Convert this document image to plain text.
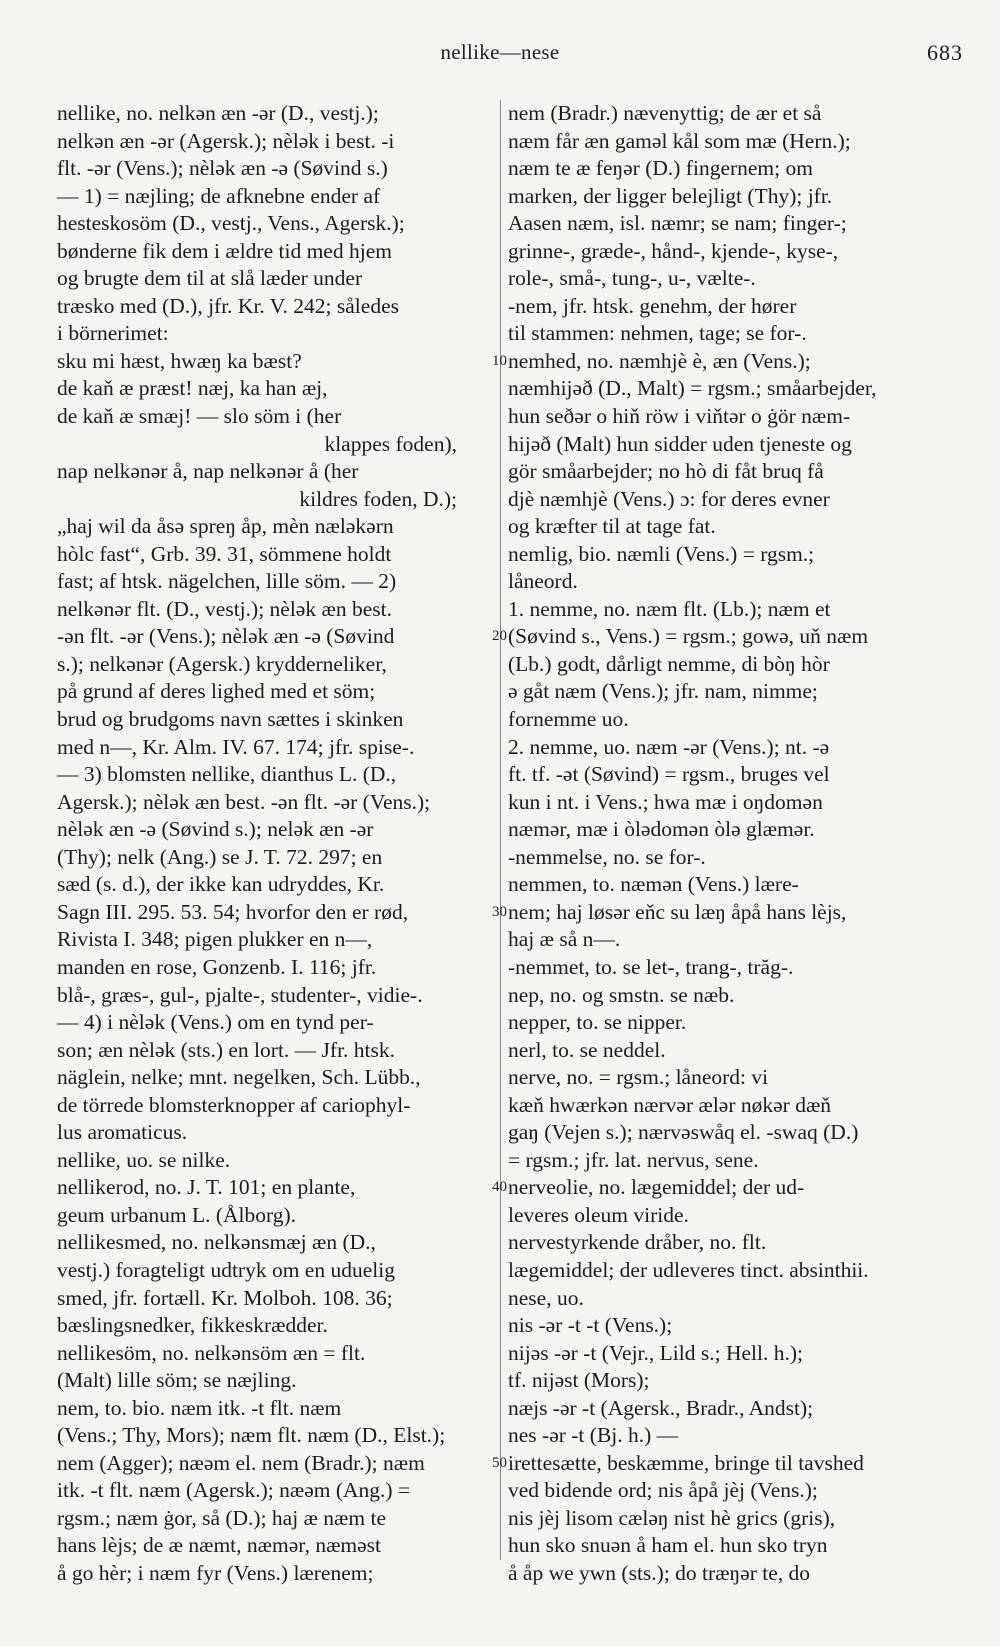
nellike—nese	683
nellike, no. nelkən æn -ər (D., vestj.);
nelkən æn -ər (Agersk.); nèlək i best. -i
flt. -ər (Vens.); nèlək æn -ə (Søvind s.)
— 1) = næjling; de afknebne ender af
hesteskosöm (D., vestj., Vens., Agersk.);
bønderne fik dem i ældre tid med hjem
og brugte dem til at slå læder under
træsko med (D.), jfr. Kr. V. 242; således
i börnerimet:
sku mi hæst, hwæŋ ka bæst?
de kaň æ præst! næj, ka han æj,
de kaň æ smæj! — slo söm i (her
klappes foden),
nap nelkənər å, nap nelkənər å (her
kildres foden, D.);
„haj wil da åsə spreŋ åp, mèn næləkərn
hòlc fast“, Grb. 39. 31, sömmene holdt
fast; af htsk. nägelchen, lille söm. — 2)
nelkənər flt. (D., vestj.); nèlək æn best.
-ən flt. -ər (Vens.); nèlək æn -ə (Søvind
s.); nelkənər (Agersk.) krydderneliker,
på grund af deres lighed med et söm;
brud og brudgoms navn sættes i skinken
med n—, Kr. Alm. IV. 67. 174; jfr. spise-.
— 3) blomsten nellike, dianthus L. (D.,
Agersk.); nèlək æn best. -ən flt. -ər (Vens.);
nèlək æn -ə (Søvind s.); nelək æn -ər
(Thy); nelk (Ang.) se J. T. 72. 297; en
sæd (s. d.), der ikke kan udryddes, Kr.
Sagn III. 295. 53. 54; hvorfor den er rød,
Rivista I. 348; pigen plukker en n—,
manden en rose, Gonzenb. I. 116; jfr.
blå-, græs-, gul-, pjalte-, studenter-, vidie-.
— 4) i nèlək (Vens.) om en tynd per-
son; æn nèlək (sts.) en lort. — Jfr. htsk.
näglein, nelke; mnt. negelken, Sch. Lübb.,
de törrede blomsterknopper af cariophyl-
lus aromaticus.
nellike, uo. se nilke.
nellikerod, no. J. T. 101; en plante,
geum urbanum L. (Ålborg).
nellikesmed, no. nelkənsmæj æn (D.,
vestj.) foragteligt udtryk om en uduelig
smed, jfr. fortæll. Kr. Molboh. 108. 36;
bæslingsnedker, fikkeskrædder.
nellikesöm, no. nelkənsöm æn = flt.
(Malt) lille söm; se næjling.
nem, to. bio. næm itk. -t flt. næm
(Vens.; Thy, Mors); næm flt. næm (D., Elst.);
nem (Agger); næəm el. nem (Bradr.); næm
itk. -t flt. næm (Agersk.); næəm (Ang.) =
rgsm.; næm ġor, så (D.); haj æ næm te
hans lèjs; de æ næmt, næmər, næməst
å go hèr; i næm fyr (Vens.) lærenem;
10
20
30
40
50
nem (Bradr.) nævenyttig; de ær et så
næm får æn gaməl kål som mæ (Hern.);
næm te æ feŋər (D.) fingernem; om
marken, der ligger belejligt (Thy); jfr.
Aasen næm, isl. næmr; se nam; finger-;
grinne-, græde-, hånd-, kjende-, kyse-,
role-, små-, tung-, u-, vælte-.
-nem, jfr. htsk. genehm, der hører
til stammen: nehmen, tage; se for-.
nemhed, no. næmhjè è, æn (Vens.);
næmhijəð (D., Malt) = rgsm.; småarbejder,
hun seðər o hiň röw i viňtər o ġör næm-
hijəð (Malt) hun sidder uden tjeneste og
gör småarbejder; no hò di fåt bruq få
djè næmhjè (Vens.) ɔ: for deres evner
og kræfter til at tage fat.
nemlig, bio. næmli (Vens.) = rgsm.;
låneord.
1. nemme, no. næm flt. (Lb.); næm et
(Søvind s., Vens.) = rgsm.; gowə, uň næm
(Lb.) godt, dårligt nemme, di bòŋ hòr
ə gåt næm (Vens.); jfr. nam, nimme;
fornemme uo.
2. nemme, uo. næm -ər (Vens.); nt. -ə
ft. tf. -ət (Søvind) = rgsm., bruges vel
kun i nt. i Vens.; hwa mæ i oŋdomən
næmər, mæ i òlədomən òlə glæmər.
-nemmelse, no. se for-.
nemmen, to. næmən (Vens.) lære-
nem; haj løsər eňc su læŋ åpå hans lèjs,
haj æ så n—.
-nemmet, to. se let-, trang-, trăg-.
nep, no. og smstn. se næb.
nepper, to. se nipper.
nerl, to. se neddel.
nerve, no. = rgsm.; låneord: vi
kæň hwærkən nærvər ælər nøkər dæň
gaŋ (Vejen s.); nærvəswåq el. -swaq (D.)
= rgsm.; jfr. lat. nervus, sene.
nerveolie, no. lægemiddel; der ud-
leveres oleum viride.
nervestyrkende dråber, no. flt.
lægemiddel; der udleveres tinct. absinthii.
nese, uo.
nis -ər -t -t (Vens.);
nijəs -ər -t (Vejr., Lild s.; Hell. h.);
tf. nijəst (Mors);
næjs -ər -t (Agersk., Bradr., Andst);
nes -ər -t (Bj. h.) —
irettesætte, beskæmme, bringe til tavshed
ved bidende ord; nis åpå jèj (Vens.);
nis jèj lisom cæləŋ nist hè grics (gris),
hun sko snuən å ham el. hun sko tryn
å åp we ywn (sts.); do træŋər te, do
